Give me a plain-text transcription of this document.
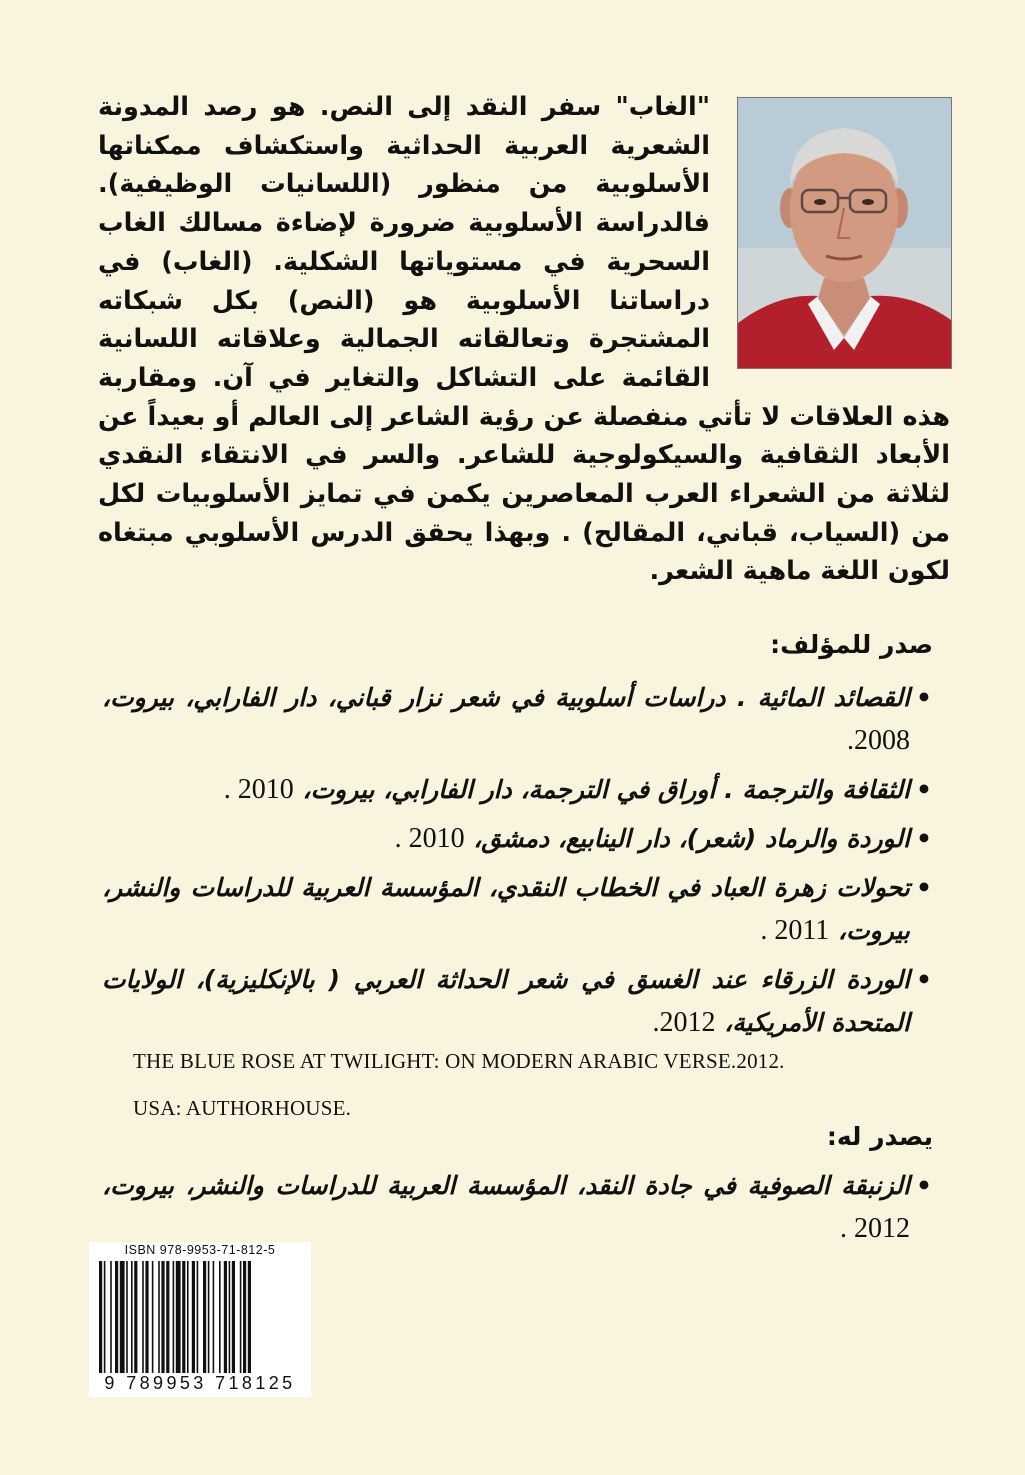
"الغاب" سفر النقد إلى النص. هو رصد المدونة الشعرية العربية الحداثية واستكشاف ممكناتها الأسلوبية من منظور (اللسانيات الوظيفية). فالدراسة الأسلوبية ضرورة لإضاءة مسالك الغاب السحرية في مستوياتها الشكلية. (الغاب) في دراساتنا الأسلوبية هو (النص) بكل شبكاته المشتجرة وتعالقاته الجمالية وعلاقاته اللسانية القائمة على التشاكل والتغاير في آن. ومقاربة هذه العلاقات لا تأتي منفصلة عن رؤية الشاعر إلى العالم أو بعيداً عن الأبعاد الثقافية والسيكولوجية للشاعر. والسر في الانتقاء النقدي لثلاثة من الشعراء العرب المعاصرين يكمن في تمايز الأسلوبيات لكل من (السياب، قباني، المقالح) . وبهذا يحقق الدرس الأسلوبي مبتغاه لكون اللغة ماهية الشعر.
صدر للمؤلف:
• القصائد المائية . دراسات أسلوبية في شعر نزار قباني، دار الفارابي، بيروت، 2008.
• الثقافة والترجمة . أوراق في الترجمة، دار الفارابي، بيروت، 2010 .
• الوردة والرماد (شعر)، دار الينابيع، دمشق، 2010 .
• تحولات زهرة العباد في الخطاب النقدي، المؤسسة العربية للدراسات والنشر، بيروت، 2011 .
• الوردة الزرقاء عند الغسق في شعر الحداثة العربي ( بالإنكليزية)، الولايات المتحدة الأمريكية، 2012.
THE BLUE ROSE AT TWILIGHT: ON MODERN ARABIC VERSE.2012.
USA: AUTHORHOUSE.
يصدر له:
• الزنبقة الصوفية في جادة النقد، المؤسسة العربية للدراسات والنشر، بيروت، 2012 .
ISBN 978-9953-71-812-5
9 789953 718125
